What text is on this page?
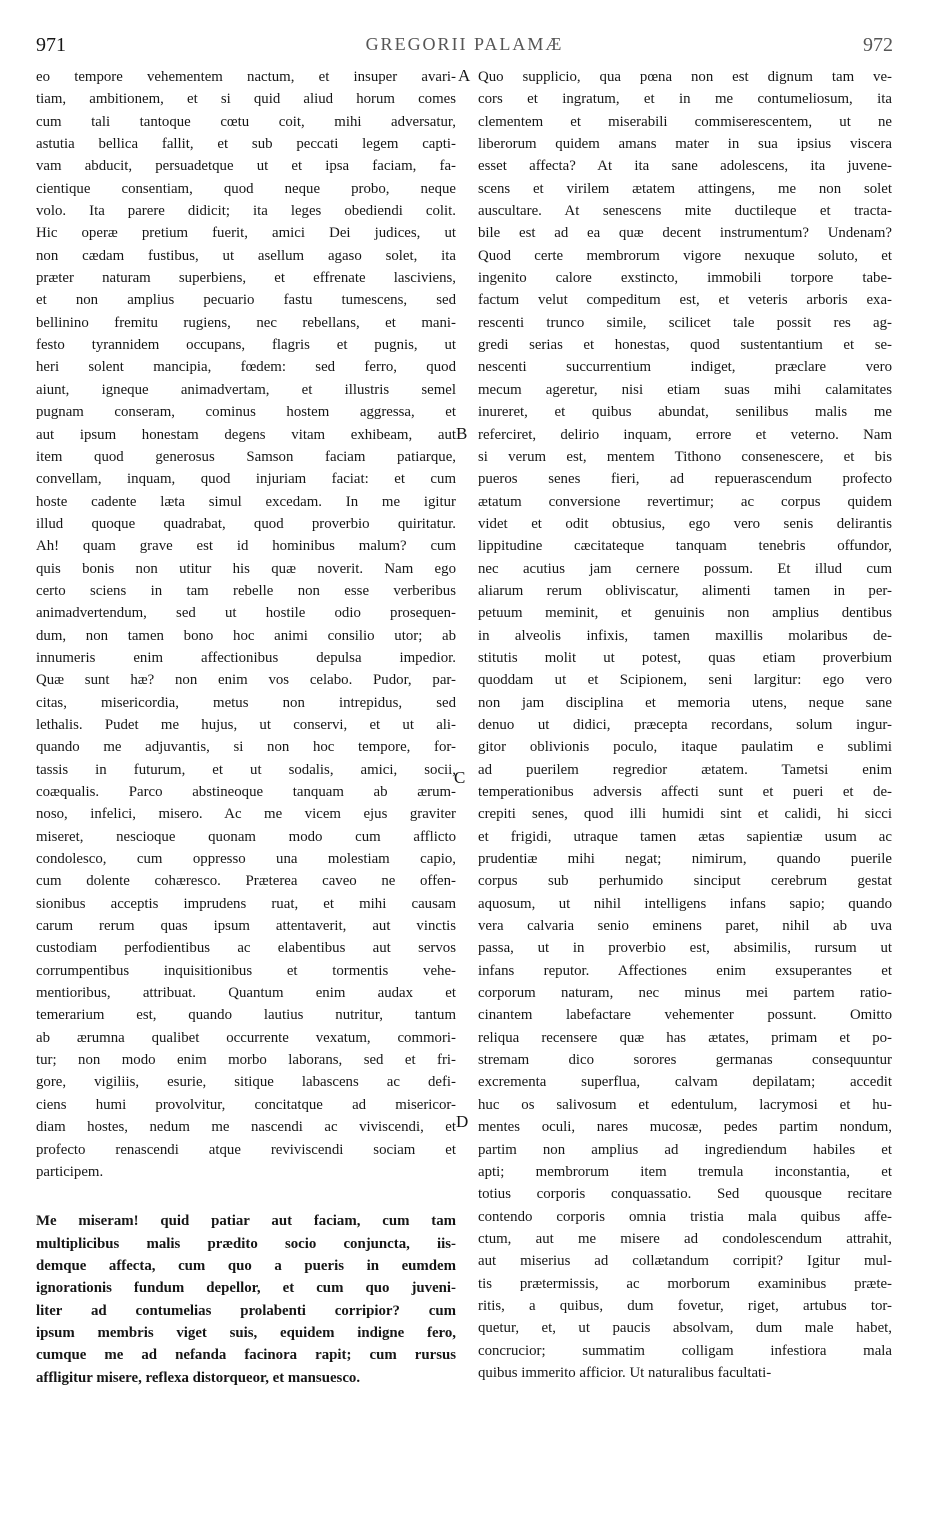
971	GREGORII PALAMÆ	972
A
B
C
D
eo tempore vehementem nactum, et insuper avari-
tiam, ambitionem, et si quid aliud horum comes
cum tali tantoque cœtu coit, mihi adversatur,
astutia bellica fallit, et sub peccati legem capti-
vam abducit, persuadetque ut et ipsa faciam, fa-
cientique consentiam, quod neque probo, neque
volo. Ita parere didicit; ita leges obediendi colit.
Hic operæ pretium fuerit, amici Dei judices, ut
non cædam fustibus, ut asellum agaso solet, ita
præter naturam superbiens, et effrenate lasciviens,
et non amplius pecuario fastu tumescens, sed
bellinino fremitu rugiens, nec rebellans, et mani-
festo tyrannidem occupans, flagris et pugnis, ut
heri solent mancipia, fœdem: sed ferro, quod
aiunt, igneque animadvertam, et illustris semel
pugnam conseram, cominus hostem aggressa, et
aut ipsum honestam degens vitam exhibeam, aut
item quod generosus Samson faciam patiarque,
convellam, inquam, quod injuriam faciat: et cum
hoste cadente læta simul excedam. In me igitur
illud quoque quadrabat, quod proverbio quiritatur.
Ah! quam grave est id hominibus malum? cum
quis bonis non utitur his quæ noverit. Nam ego
certo sciens in tam rebelle non esse verberibus
animadvertendum, sed ut hostile odio prosequen-
dum, non tamen bono hoc animi consilio utor; ab
innumeris enim affectionibus depulsa impedior.
Quæ sunt hæ? non enim vos celabo. Pudor, par-
citas, misericordia, metus non intrepidus, sed
lethalis. Pudet me hujus, ut conservi, et ut ali-
quando me adjuvantis, si non hoc tempore, for-
tassis in futurum, et ut sodalis, amici, socii,
coæqualis. Parco abstineoque tanquam ab ærum-
noso, infelici, misero. Ac me vicem ejus graviter
miseret, nescioque quonam modo cum afflicto
condolesco, cum oppresso una molestiam capio,
cum dolente cohæresco. Præterea caveo ne offen-
sionibus acceptis imprudens ruat, et mihi causam
carum rerum quas ipsum attentaverit, aut vinctis
custodiam perfodientibus ac elabentibus aut servos
corrumpentibus inquisitionibus et tormentis vehe-
mentioribus, attribuat. Quantum enim audax et
temerarium est, quando lautius nutritur, tantum
ab ærumna qualibet occurrente vexatum, commori-
tur; non modo enim morbo laborans, sed et fri-
gore, vigiliis, esurie, sitique labascens ac defi-
ciens humi provolvitur, concitatque ad misericor-
diam hostes, nedum me nascendi ac viviscendi, et
profecto renascendi atque reviviscendi sociam et
participem.
Me miseram! quid patiar aut faciam, cum tam
multiplicibus malis prædito socio conjuncta, iis-
demque affecta, cum quo a pueris in eumdem
ignorationis fundum depellor, et cum quo juveni-
liter ad contumelias prolabenti corripior? cum
ipsum membris viget suis, equidem indigne fero,
cumque me ad nefanda facinora rapit; cum rursus
affligitur misere, reflexa distorqueor, et mansuesco.
Quo supplicio, qua pœna non est dignum tam ve-
cors et ingratum, et in me contumeliosum, ita
clementem et miserabili commiserescentem, ut ne
liberorum quidem amans mater in sua ipsius viscera
esset affecta? At ita sane adolescens, ita juvene-
scens et virilem ætatem attingens, me non solet
auscultare. At senescens mite ductileque et tracta-
bile est ad ea quæ decent instrumentum? Undenam?
Quod certe membrorum vigore nexuque soluto, et
ingenito calore exstincto, immobili torpore tabe-
factum velut compeditum est, et veteris arboris exa-
rescenti trunco simile, scilicet tale possit res ag-
gredi serias et honestas, quod sustentantium et se-
nescenti succurrentium indiget, præclare vero
mecum ageretur, nisi etiam suas mihi calamitates
inureret, et quibus abundat, senilibus malis me
referciret, delirio inquam, errore et veterno. Nam
si verum est, mentem Tithono consenescere, et bis
pueros senes fieri, ad repuerascendum profecto
ætatum conversione revertimur; ac corpus quidem
videt et odit obtusius, ego vero senis delirantis
lippitudine cæcitateque tanquam tenebris offundor,
nec acutius jam cernere possum. Et illud cum
aliarum rerum obliviscatur, alimenti tamen in per-
petuum meminit, et genuinis non amplius dentibus
in alveolis infixis, tamen maxillis molaribus de-
stitutis molit ut potest, quas etiam proverbium
quoddam ut et Scipionem, seni largitur: ego vero
non jam disciplina et memoria utens, neque sane
denuo ut didici, præcepta recordans, solum ingur-
gitor oblivionis poculo, itaque paulatim e sublimi
ad puerilem regredior ætatem. Tametsi enim
temperationibus adversis affecti sunt et pueri et de-
crepiti senes, quod illi humidi sint et calidi, hi sicci
et frigidi, utraque tamen ætas sapientiæ usum ac
prudentiæ mihi negat; nimirum, quando puerile
corpus sub perhumido sinciput cerebrum gestat
aquosum, ut nihil intelligens infans sapio; quando
vera calvaria senio eminens paret, nihil ab uva
passa, ut in proverbio est, absimilis, rursum ut
infans reputor. Affectiones enim exsuperantes et
corporum naturam, nec minus mei partem ratio-
cinantem labefactare vehementer possunt. Omitto
reliqua recensere quæ has ætates, primam et po-
stremam dico sorores germanas consequuntur
excrementa superflua, calvam depilatam; accedit
huc os salivosum et edentulum, lacrymosi et hu-
mentes oculi, nares mucosæ, pedes partim nondum,
partim non amplius ad ingrediendum habiles et
apti; membrorum item tremula inconstantia, et
totius corporis conquassatio. Sed quousque recitare
contendo corporis omnia tristia mala quibus affe-
ctum, aut me misere ad condolescendum attrahit,
aut miserius ad collætandum corripit? Igitur mul-
tis prætermissis, ac morborum examinibus præte-
ritis, a quibus, dum fovetur, riget, artubus tor-
quetur, et, ut paucis absolvam, dum male habet,
concrucior; summatim colligam infestiora mala
quibus immerito afficior. Ut naturalibus facultati-
